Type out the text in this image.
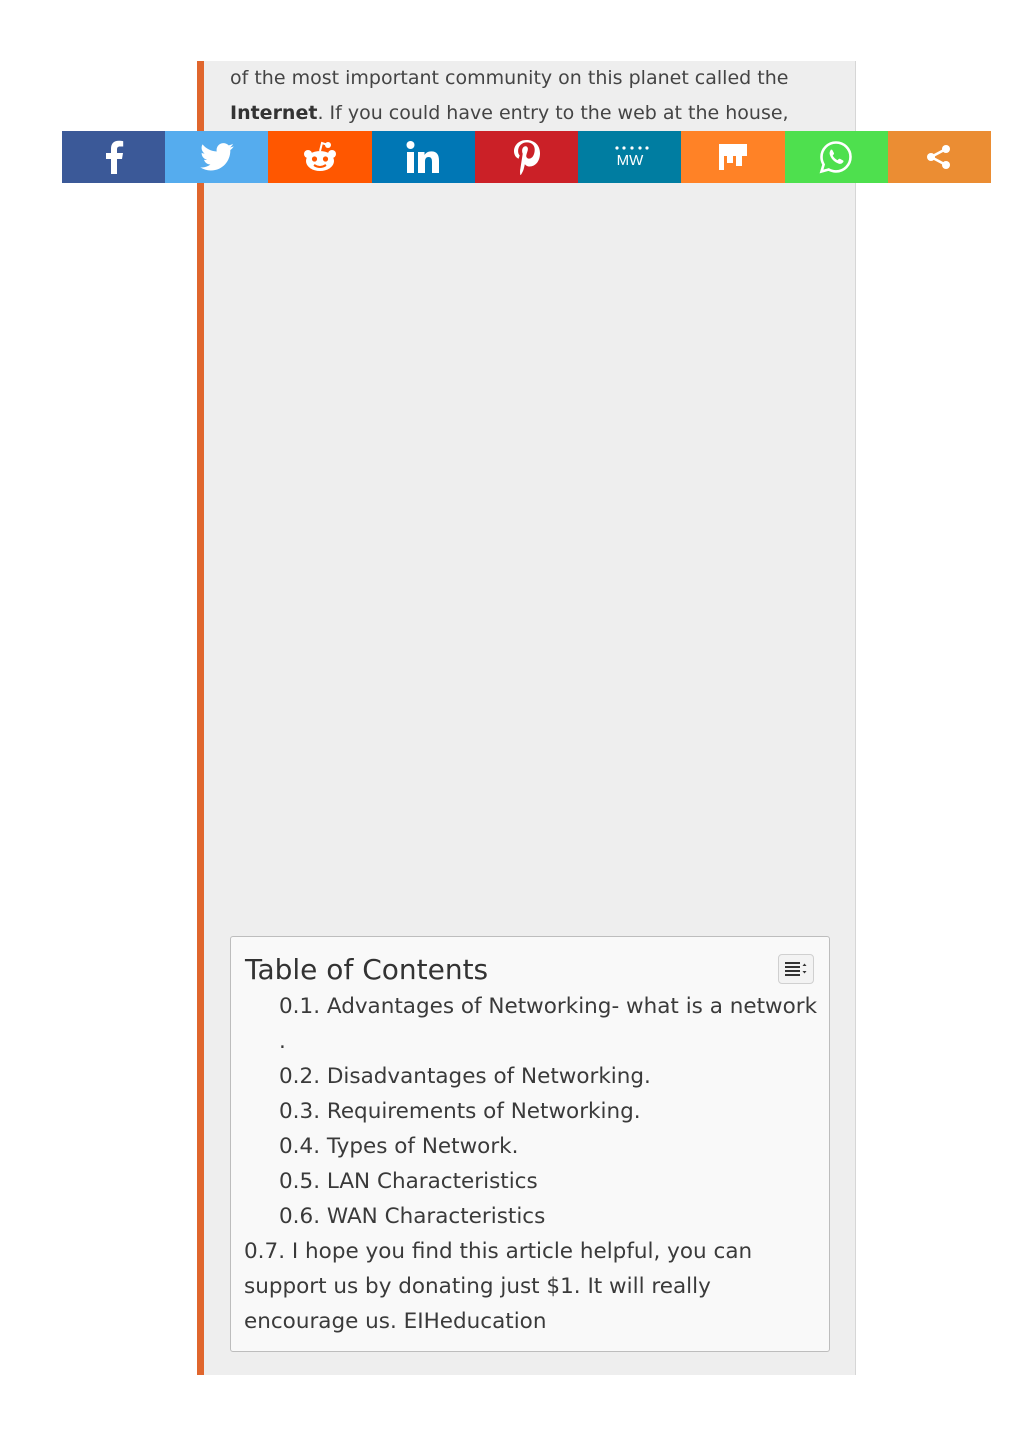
of the most important community on this planet called the
Internet. If you could have entry to the web at the house,

MW

Table of Contents

0.1. Advantages of Networking- what is a network .
0.2. Disadvantages of Networking.
0.3. Requirements of Networking.
0.4. Types of Network.
0.5. LAN Characteristics
0.6. WAN Characteristics
0.7. I hope you find this article helpful, you can support us by donating just $1. It will really encourage us. EIHeducation
